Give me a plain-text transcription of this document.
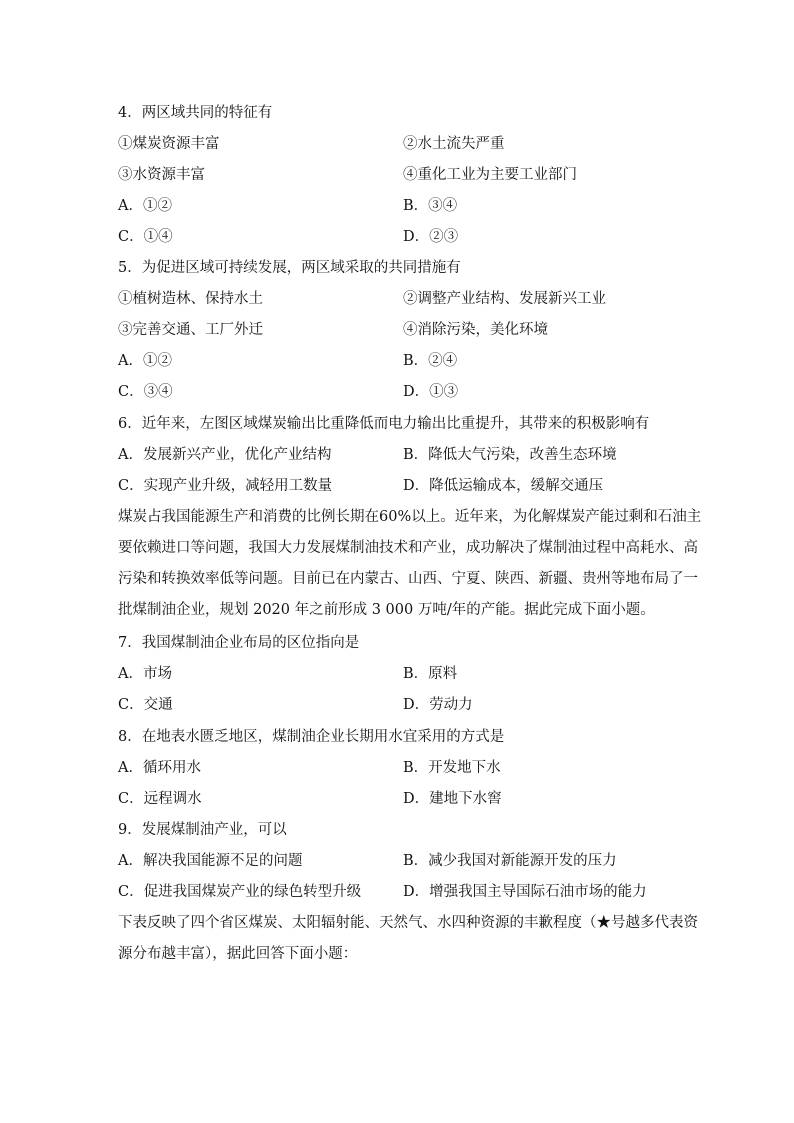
4．两区域共同的特征有
①煤炭资源丰富	②水土流失严重
③水资源丰富	④重化工业为主要工业部门
A．①②	B．③④
C．①④	D．②③
5．为促进区域可持续发展，两区域采取的共同措施有
①植树造林、保持水土	②调整产业结构、发展新兴工业
③完善交通、工厂外迁	④消除污染，美化环境
A．①②	B．②④
C．③④	D．①③
6．近年来，左图区域煤炭输出比重降低而电力输出比重提升，其带来的积极影响有
A．发展新兴产业，优化产业结构	B．降低大气污染，改善生态环境
C．实现产业升级，减轻用工数量	D．降低运输成本，缓解交通压
煤炭占我国能源生产和消费的比例长期在60%以上。近年来，为化解煤炭产能过剩和石油主
要依赖进口等问题，我国大力发展煤制油技术和产业，成功解决了煤制油过程中高耗水、高
污染和转换效率低等问题。目前已在内蒙古、山西、宁夏、陕西、新疆、贵州等地布局了一
批煤制油企业，规划 2020 年之前形成 3 000 万吨/年的产能。据此完成下面小题。
7．我国煤制油企业布局的区位指向是
A．市场	B．原料
C．交通	D．劳动力
8．在地表水匮乏地区，煤制油企业长期用水宜采用的方式是
A．循环用水	B．开发地下水
C．远程调水	D．建地下水窖
9．发展煤制油产业，可以
A．解决我国能源不足的问题	B．减少我国对新能源开发的压力
C．促进我国煤炭产业的绿色转型升级	D．增强我国主导国际石油市场的能力
下表反映了四个省区煤炭、太阳辐射能、天然气、水四种资源的丰歉程度（★号越多代表资
源分布越丰富），据此回答下面小题：
